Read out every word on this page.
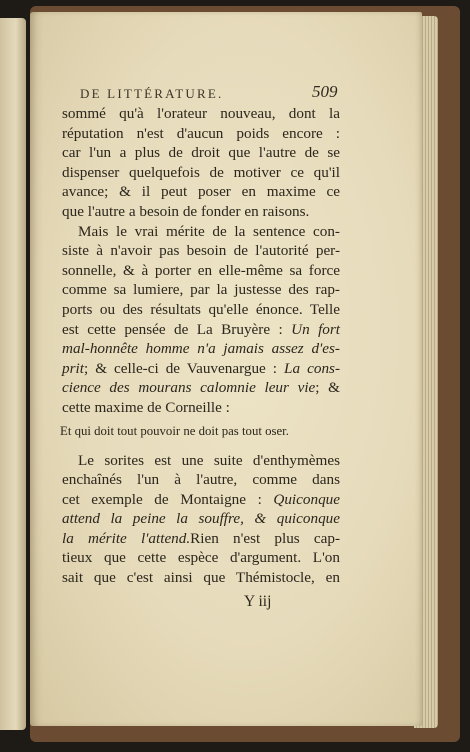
DE LITTÉRATURE.	509
sommé qu'à l'orateur nouveau, dont la
réputation n'est d'aucun poids encore :
car l'un a plus de droit que l'autre de se
dispenser quelquefois de motiver ce qu'il
avance; & il peut poser en maxime ce
que l'autre a besoin de fonder en raisons.
Mais le vrai mérite de la sentence con-
siste à n'avoir pas besoin de l'autorité per-
sonnelle, & à porter en elle-même sa force
comme sa lumiere, par la justesse des rap-
ports ou des résultats qu'elle énonce. Telle
est cette pensée de La Bruyère : Un fort
mal-honnête homme n'a jamais assez d'es-
prit; & celle-ci de Vauvenargue : La cons-
cience des mourans calomnie leur vie; &
cette maxime de Corneille :
Et qui doit tout pouvoir ne doit pas tout oser.
Le sorites est une suite d'enthymèmes
enchaînés l'un à l'autre, comme dans
cet exemple de Montaigne : Quiconque
attend la peine la souffre, & quiconque
la mérite l'attend.Rien n'est plus cap-
tieux que cette espèce d'argument. L'on
sait que c'est ainsi que Thémistocle, en
Y iij
